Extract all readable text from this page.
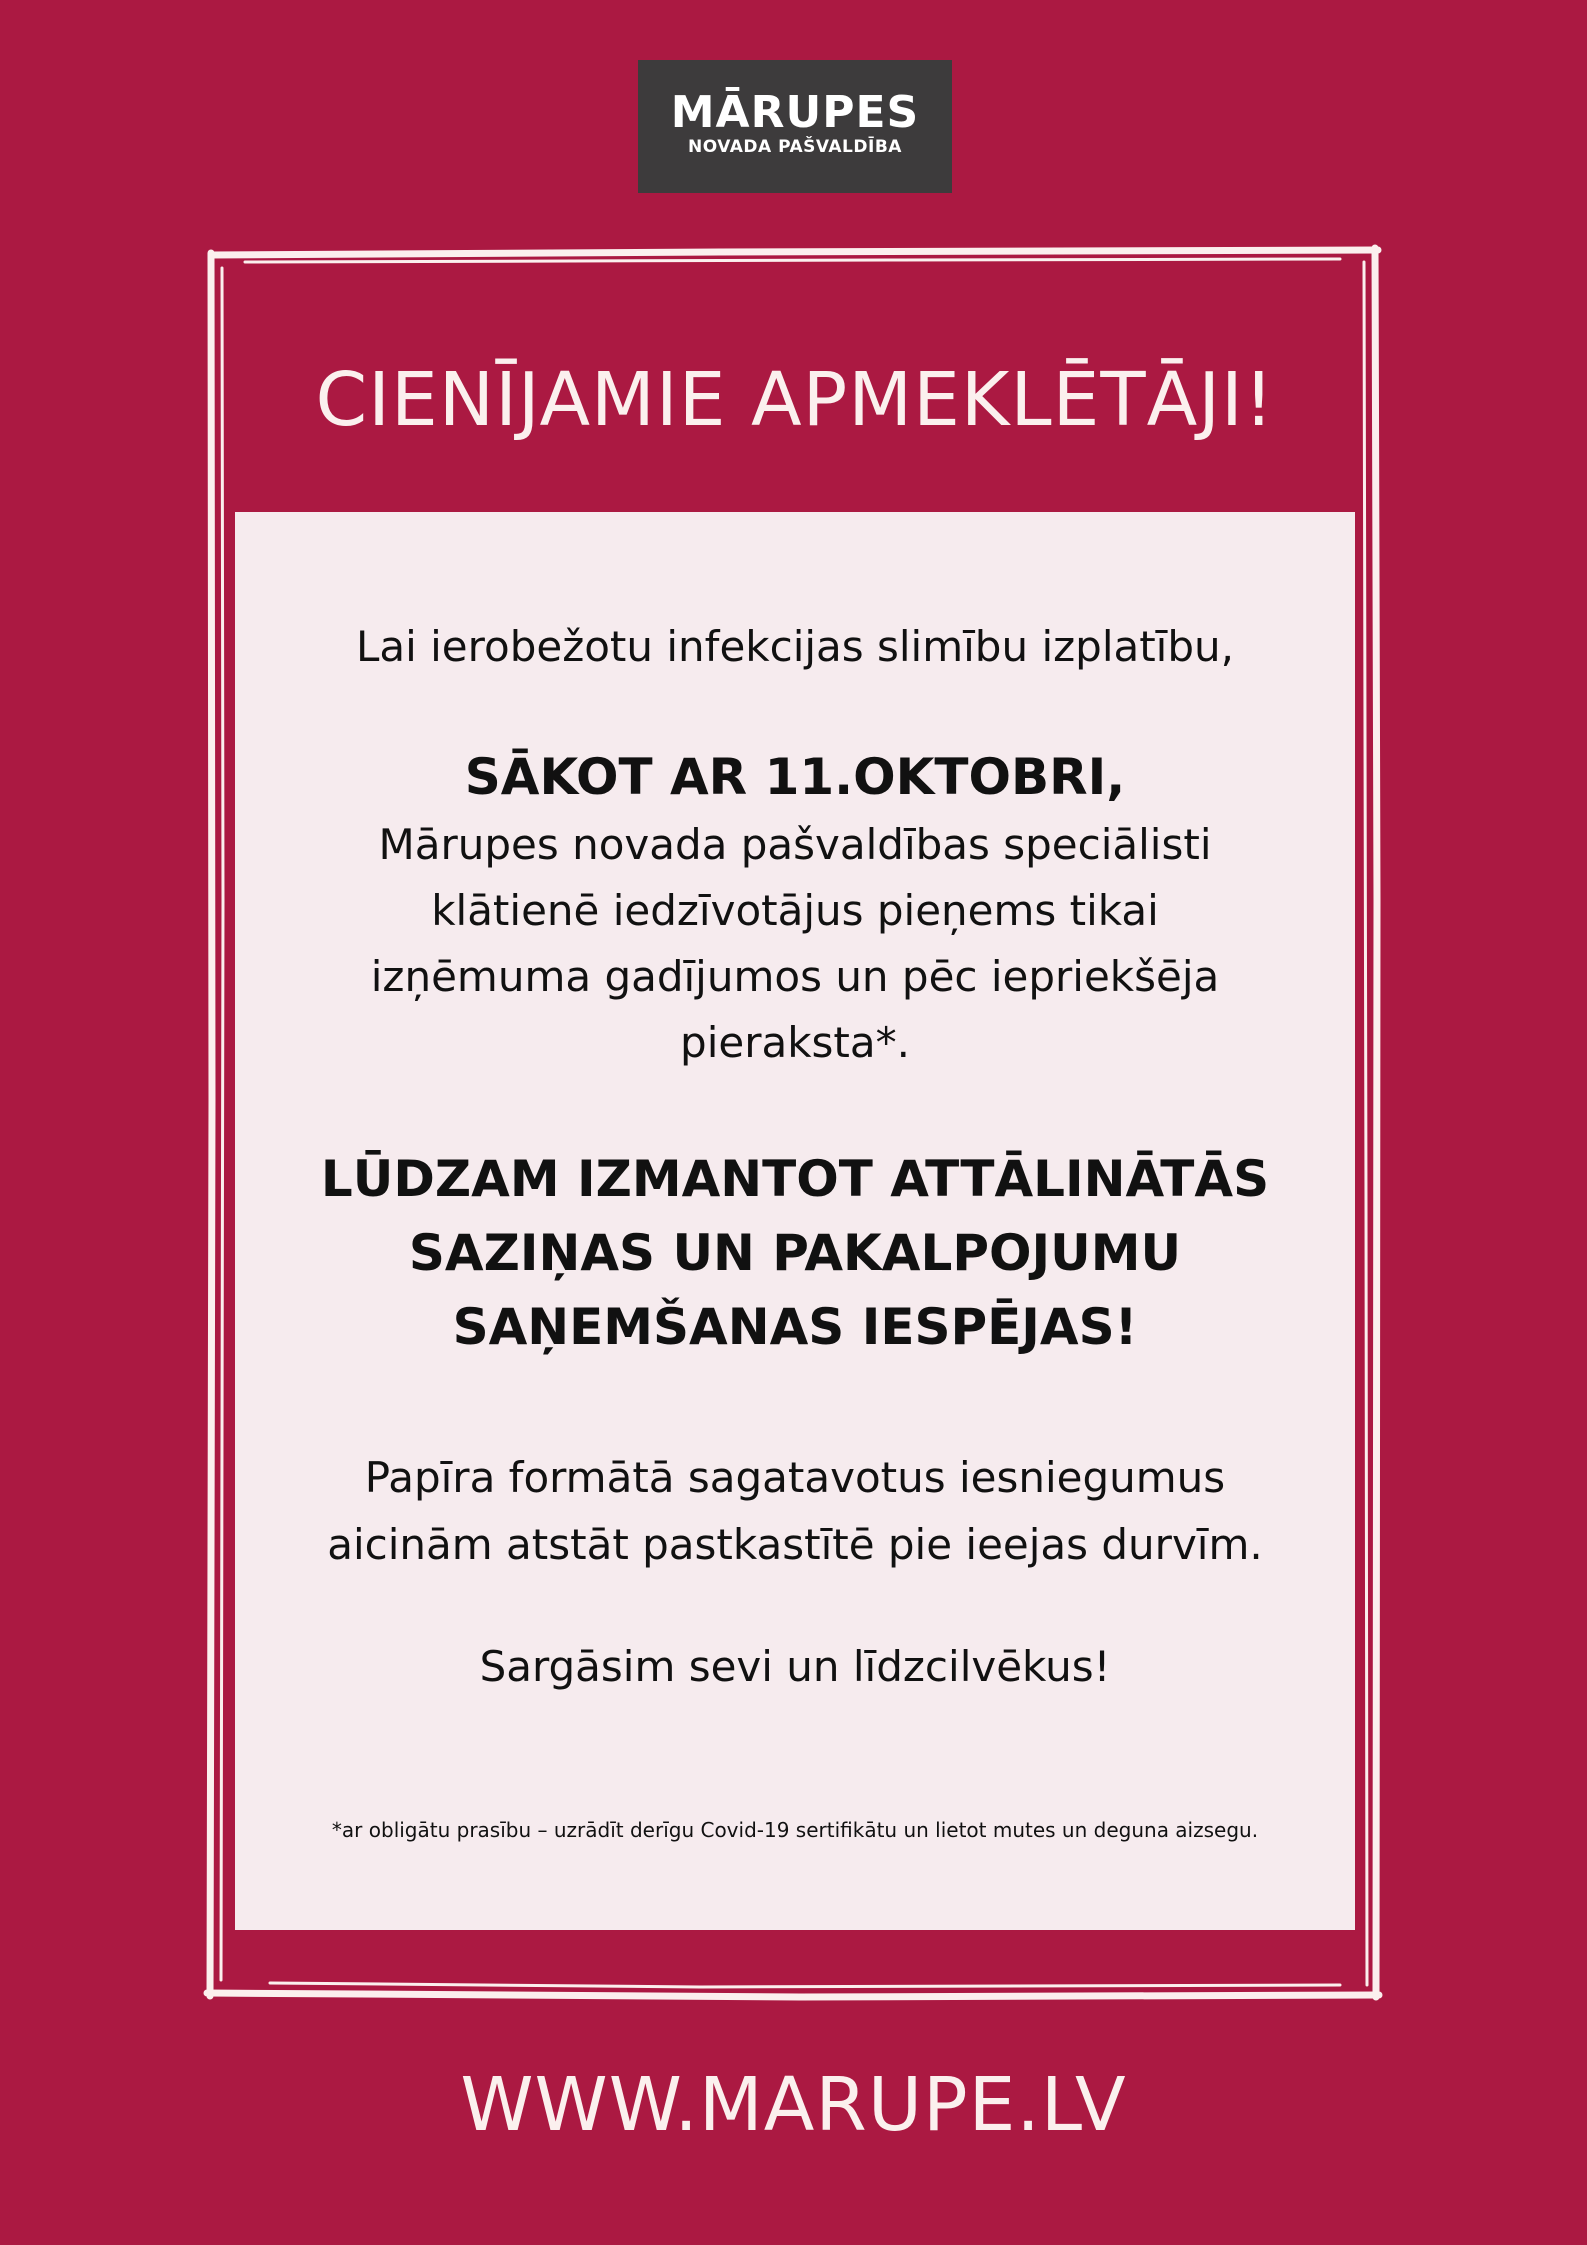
MĀRUPES
NOVADA PAŠVALDĪBA
CIENĪJAMIE APMEKLĒTĀJI!

Lai ierobežotu infekcijas slimību izplatību,

SĀKOT AR 11.OKTOBRI,

Mārupes novada pašvaldības speciālisti
klātienē iedzīvotājus pieņems tikai
izņēmuma gadījumos un pēc iepriekšēja
pieraksta*.

LŪDZAM IZMANTOT ATTĀLINĀTĀS
SAZIŅAS UN PAKALPOJUMU
SAŅEMŠANAS IESPĒJAS!

Papīra formātā sagatavotus iesniegumus
aicinām atstāt pastkastītē pie ieejas durvīm.

Sargāsim sevi un līdzcilvēkus!

*ar obligātu prasību – uzrādīt derīgu Covid-19 sertifikātu un lietot mutes un deguna aizsegu.

WWW.MARUPE.LV
